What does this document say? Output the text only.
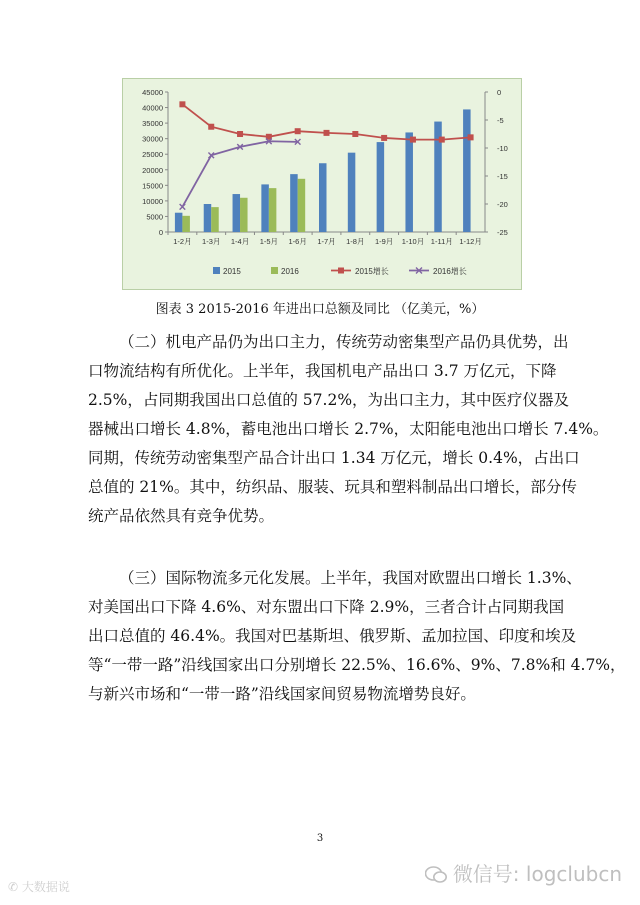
0
5000
10000
15000
20000
25000
30000
35000
40000
45000	0
-5
-10
-15
-20
-25
1-2月 1-3月 1-4月 1-5月 1-6月 1-7月 1-8月 1-9月 1-10月 1-11月 1-12月
2015	2016	2015增长	2016增长
图表 3 2015-2016 年进出口总额及同比 （亿美元，%）

（二）机电产品仍为出口主力，传统劳动密集型产品仍具优势，出

口物流结构有所优化。上半年，我国机电产品出口 3.7 万亿元，下降

2.5%，占同期我国出口总值的 57.2%，为出口主力，其中医疗仪器及

器械出口增长 4.8%，蓄电池出口增长 2.7%，太阳能电池出口增长 7.4%。

同期，传统劳动密集型产品合计出口 1.34 万亿元，增长 0.4%，占出口

总值的 21%。其中，纺织品、服装、玩具和塑料制品出口增长，部分传

统产品依然具有竞争优势。

（三）国际物流多元化发展。上半年，我国对欧盟出口增长 1.3%、

对美国出口下降 4.6%、对东盟出口下降 2.9%，三者合计占同期我国

出口总值的 46.4%。我国对巴基斯坦、俄罗斯、孟加拉国、印度和埃及

等“一带一路”沿线国家出口分别增长 22.5%、16.6%、9%、7.8%和 4.7%，

与新兴市场和“一带一路”沿线国家间贸易物流增势良好。

3
微信号: logclubcn
✆ 大数据说
